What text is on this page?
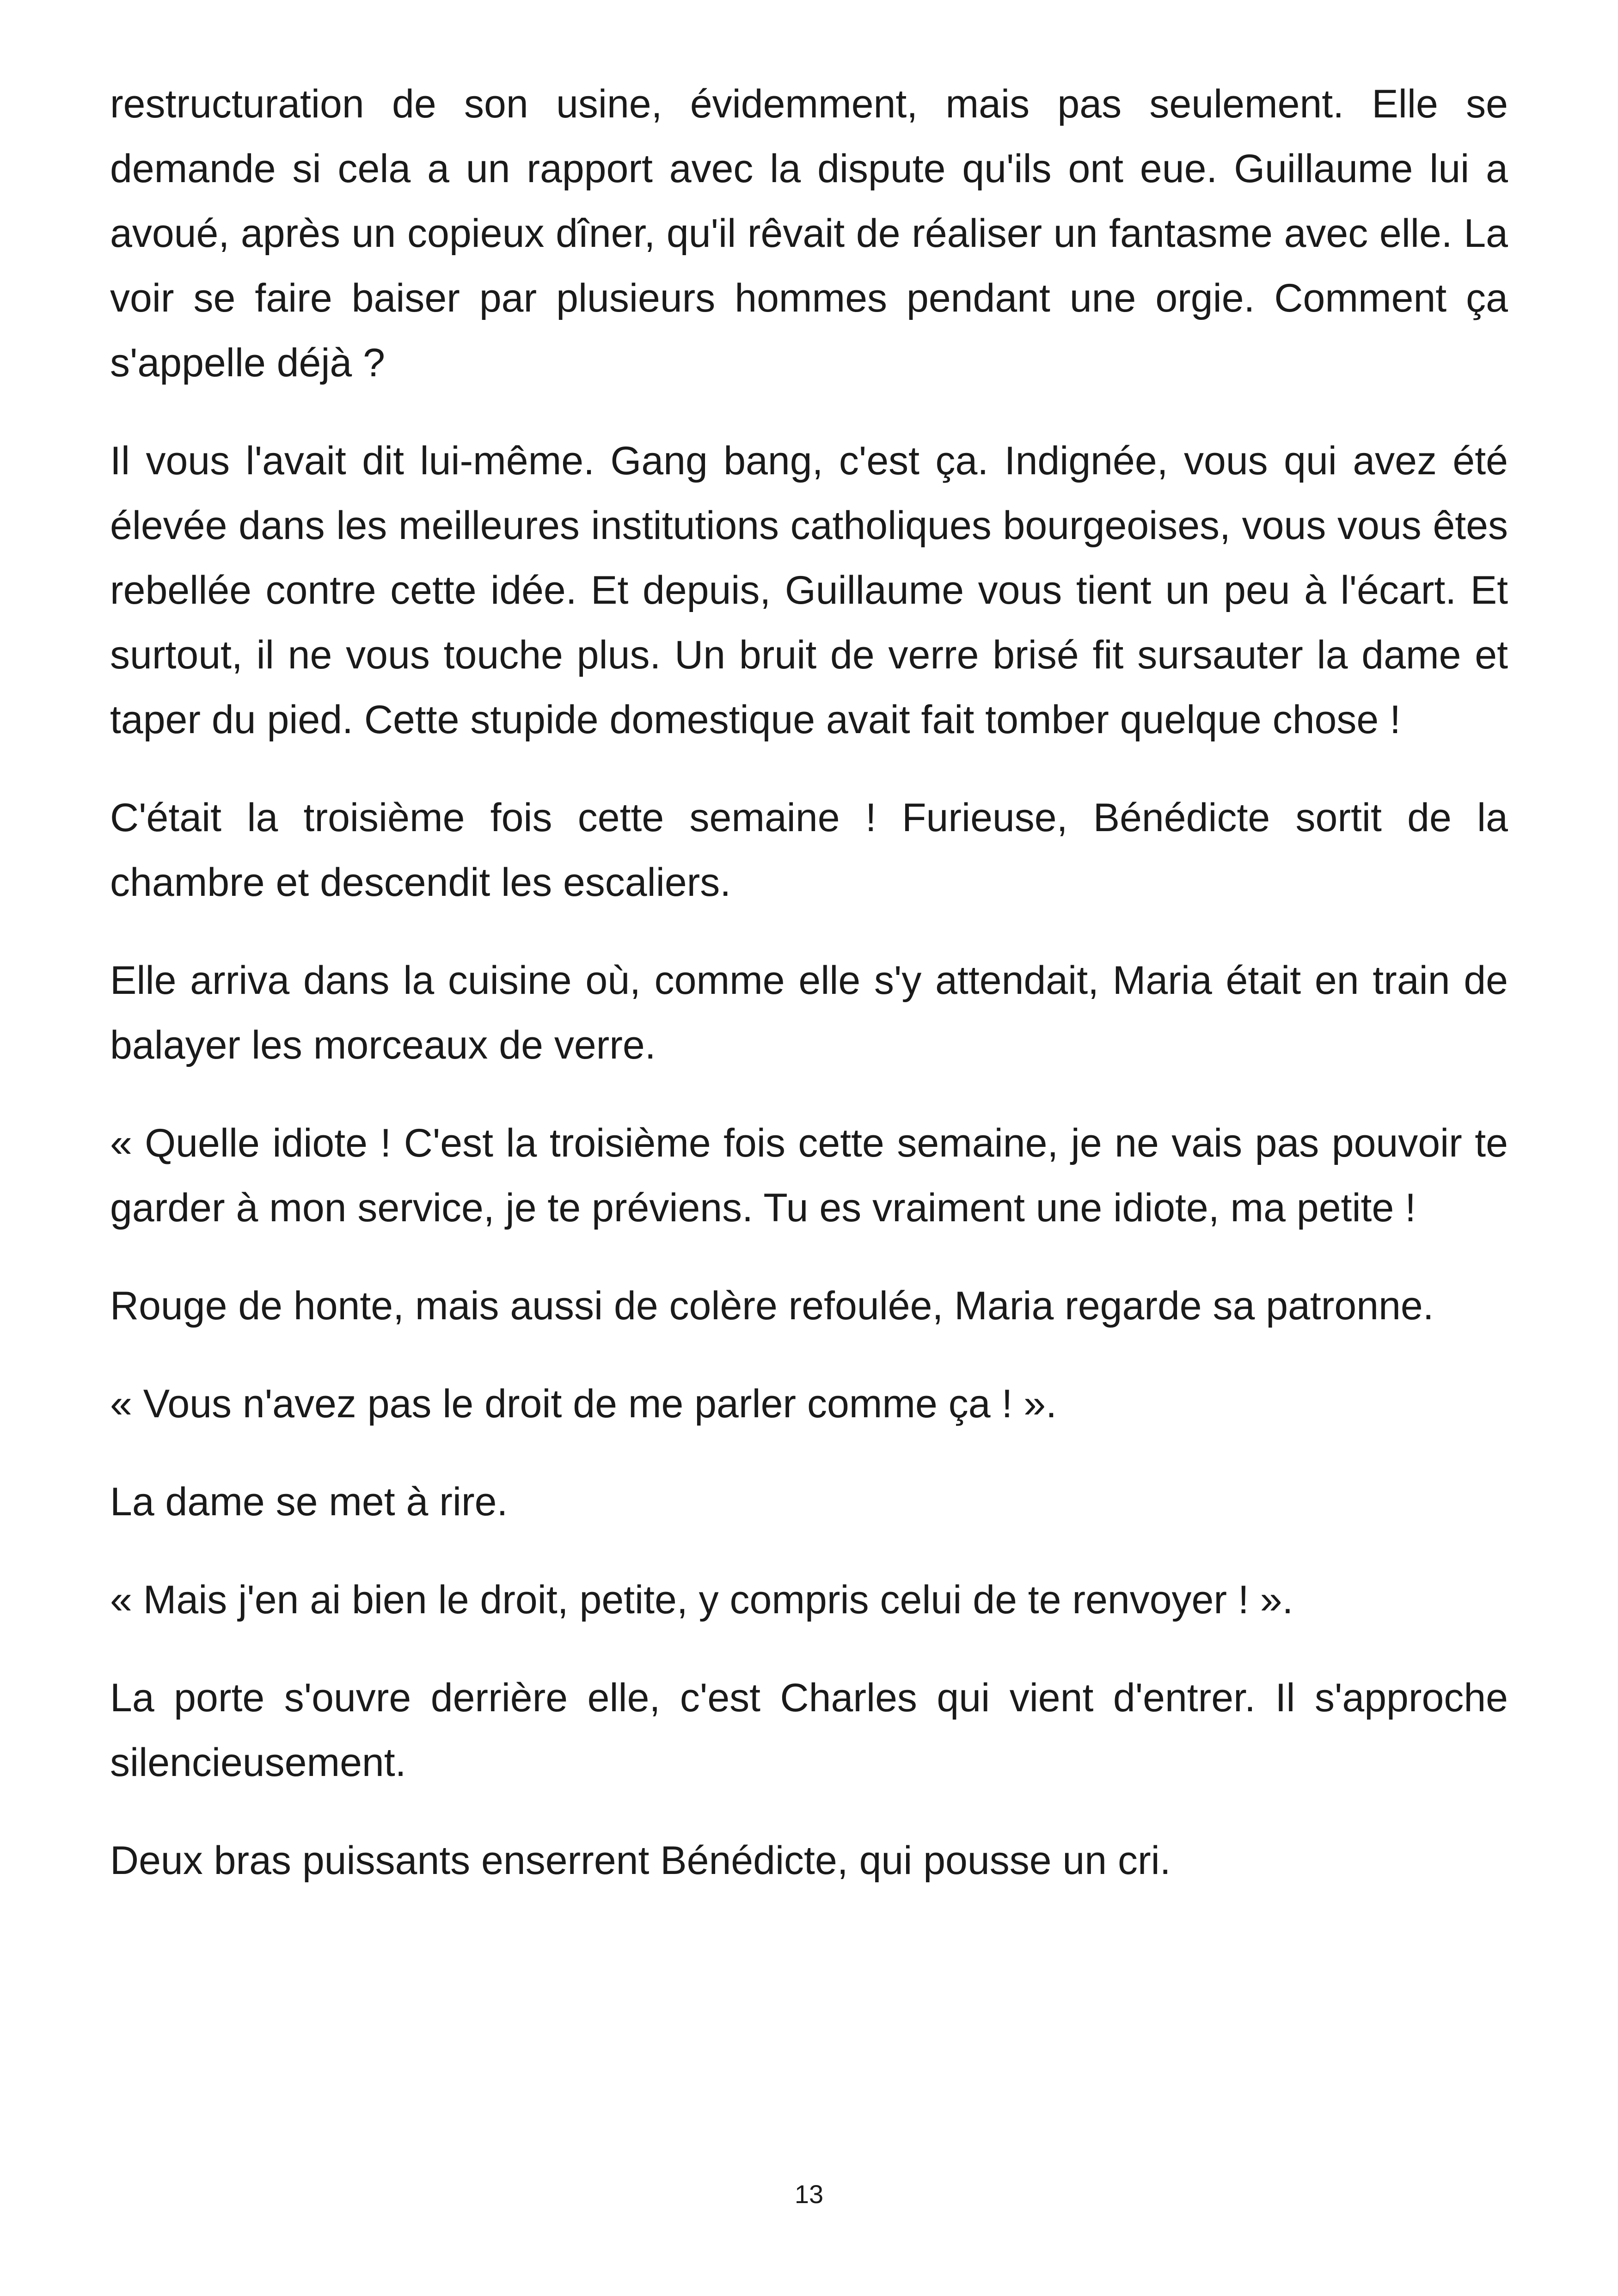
restructuration de son usine, évidemment, mais pas seulement. Elle se demande si cela a un rapport avec la dispute qu'ils ont eue. Guillaume lui a avoué, après un copieux dîner, qu'il rêvait de réaliser un fantasme avec elle. La voir se faire baiser par plusieurs hommes pendant une orgie. Comment ça s'appelle déjà ?

Il vous l'avait dit lui-même. Gang bang, c'est ça. Indignée, vous qui avez été élevée dans les meilleures institutions catholiques bourgeoises, vous vous êtes rebellée contre cette idée. Et depuis, Guillaume vous tient un peu à l'écart. Et surtout, il ne vous touche plus. Un bruit de verre brisé fit sursauter la dame et taper du pied. Cette stupide domestique avait fait tomber quelque chose !

C'était la troisième fois cette semaine ! Furieuse, Bénédicte sortit de la chambre et descendit les escaliers.

Elle arriva dans la cuisine où, comme elle s'y attendait, Maria était en train de balayer les morceaux de verre.

« Quelle idiote ! C'est la troisième fois cette semaine, je ne vais pas pouvoir te garder à mon service, je te préviens. Tu es vraiment une idiote, ma petite !

Rouge de honte, mais aussi de colère refoulée, Maria regarde sa patronne.

« Vous n'avez pas le droit de me parler comme ça ! ».

La dame se met à rire.

« Mais j'en ai bien le droit, petite, y compris celui de te renvoyer ! ».

La porte s'ouvre derrière elle, c'est Charles qui vient d'entrer. Il s'approche silencieusement.

Deux bras puissants enserrent Bénédicte, qui pousse un cri.

13
